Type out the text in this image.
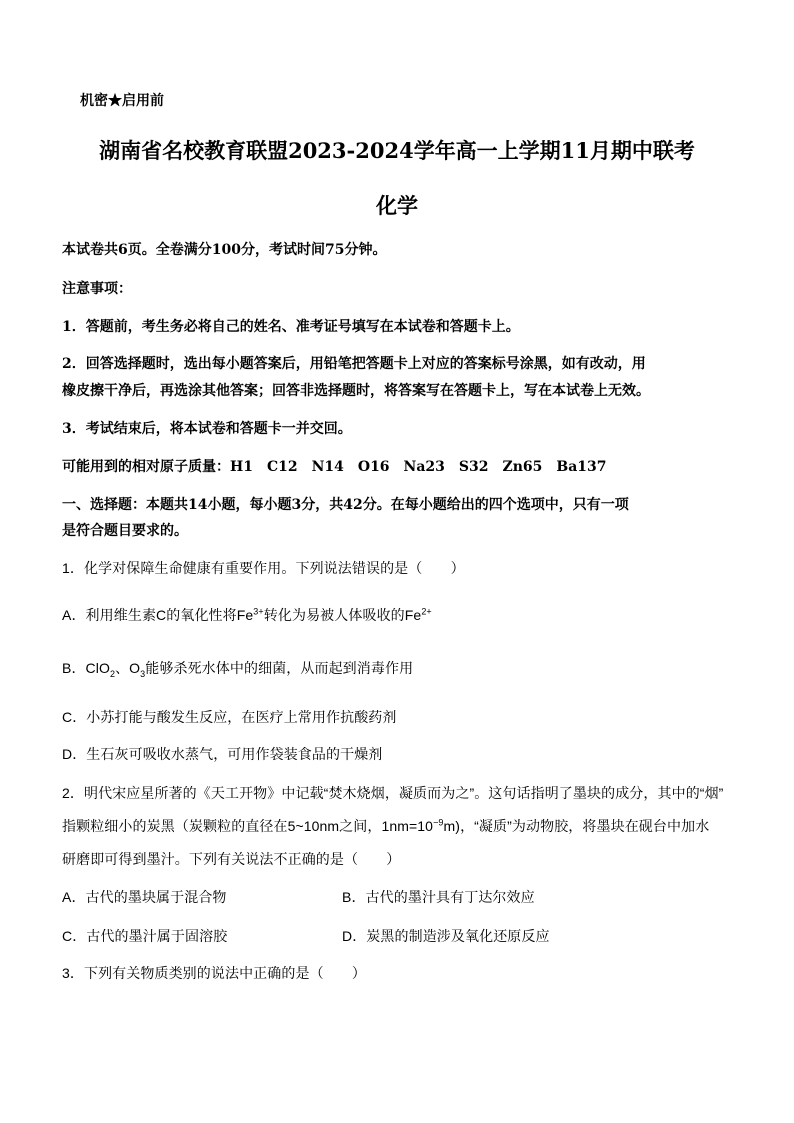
机密★启用前
湖南省名校教育联盟2023-2024学年高一上学期11月期中联考
化学
本试卷共6页。全卷满分100分，考试时间75分钟。
注意事项：
1．答题前，考生务必将自己的姓名、准考证号填写在本试卷和答题卡上。
2．回答选择题时，选出每小题答案后，用铅笔把答题卡上对应的答案标号涂黑，如有改动，用
橡皮擦干净后，再选涂其他答案；回答非选择题时，将答案写在答题卡上，写在本试卷上无效。
3．考试结束后，将本试卷和答题卡一并交回。
可能用到的相对原子质量：H1　C12　N14　O16　Na23　S32　Zn65　Ba137
一、选择题：本题共14小题，每小题3分，共42分。在每小题给出的四个选项中，只有一项
是符合题目要求的。
1．化学对保障生命健康有重要作用。下列说法错误的是（　　）
A．利用维生素C的氧化性将$Fe^{3+}$转化为易被人体吸收的$Fe^{2+}$
B．ClO$_2$、$O_3$能够杀死水体中的细菌，从而起到消毒作用
C．小苏打能与酸发生反应，在医疗上常用作抗酸药剂
D．生石灰可吸收水蒸气，可用作袋装食品的干燥剂
2．明代宋应星所著的《天工开物》中记载“焚木烧烟，凝质而为之”。这句话指明了墨块的成分，其中的“烟”
指颗粒细小的炭黑（炭颗粒的直径在5~10nm之间，$1nm=10^{-9}m$)，“凝质”为动物胶，将墨块在砚台中加水
研磨即可得到墨汁。下列有关说法不正确的是（　　）
A．古代的墨块属于混合物	B．古代的墨汁具有丁达尔效应
C．古代的墨汁属于固溶胶	D．炭黑的制造涉及氧化还原反应
3．下列有关物质类别的说法中正确的是（　　）
